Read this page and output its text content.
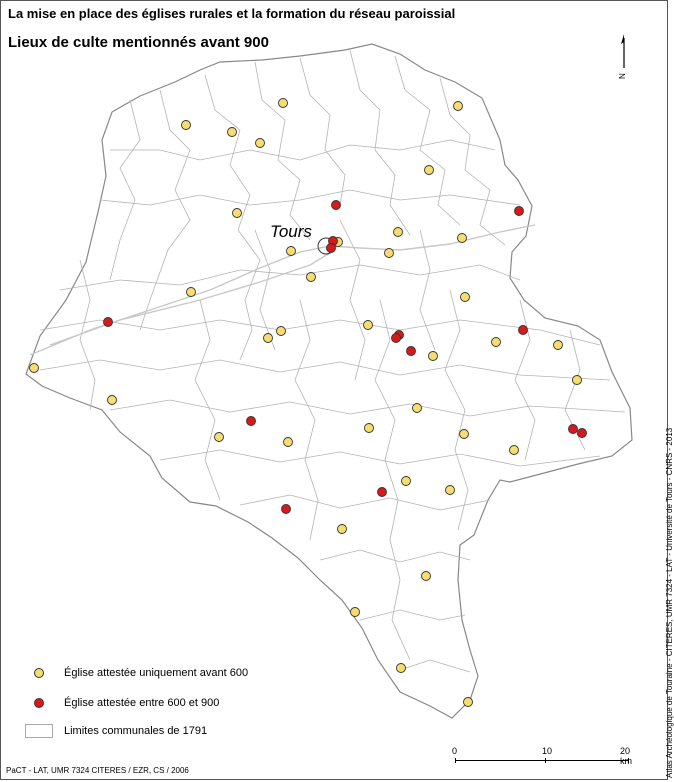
La mise en place des églises rurales et la formation du réseau paroissial
Lieux de culte mentionnés avant 900
Tours
N
Église attestée uniquement avant 600
Église attestée entre 600 et 900
Limites communales de 1791
0	10	20 km
PaCT - LAT, UMR 7324 CITERES / EZR, CS / 2006	Atlas Archéologique de Touraine - CITERES, UMR 7324 - LAT - Université de Tours - CNRS - 2013
